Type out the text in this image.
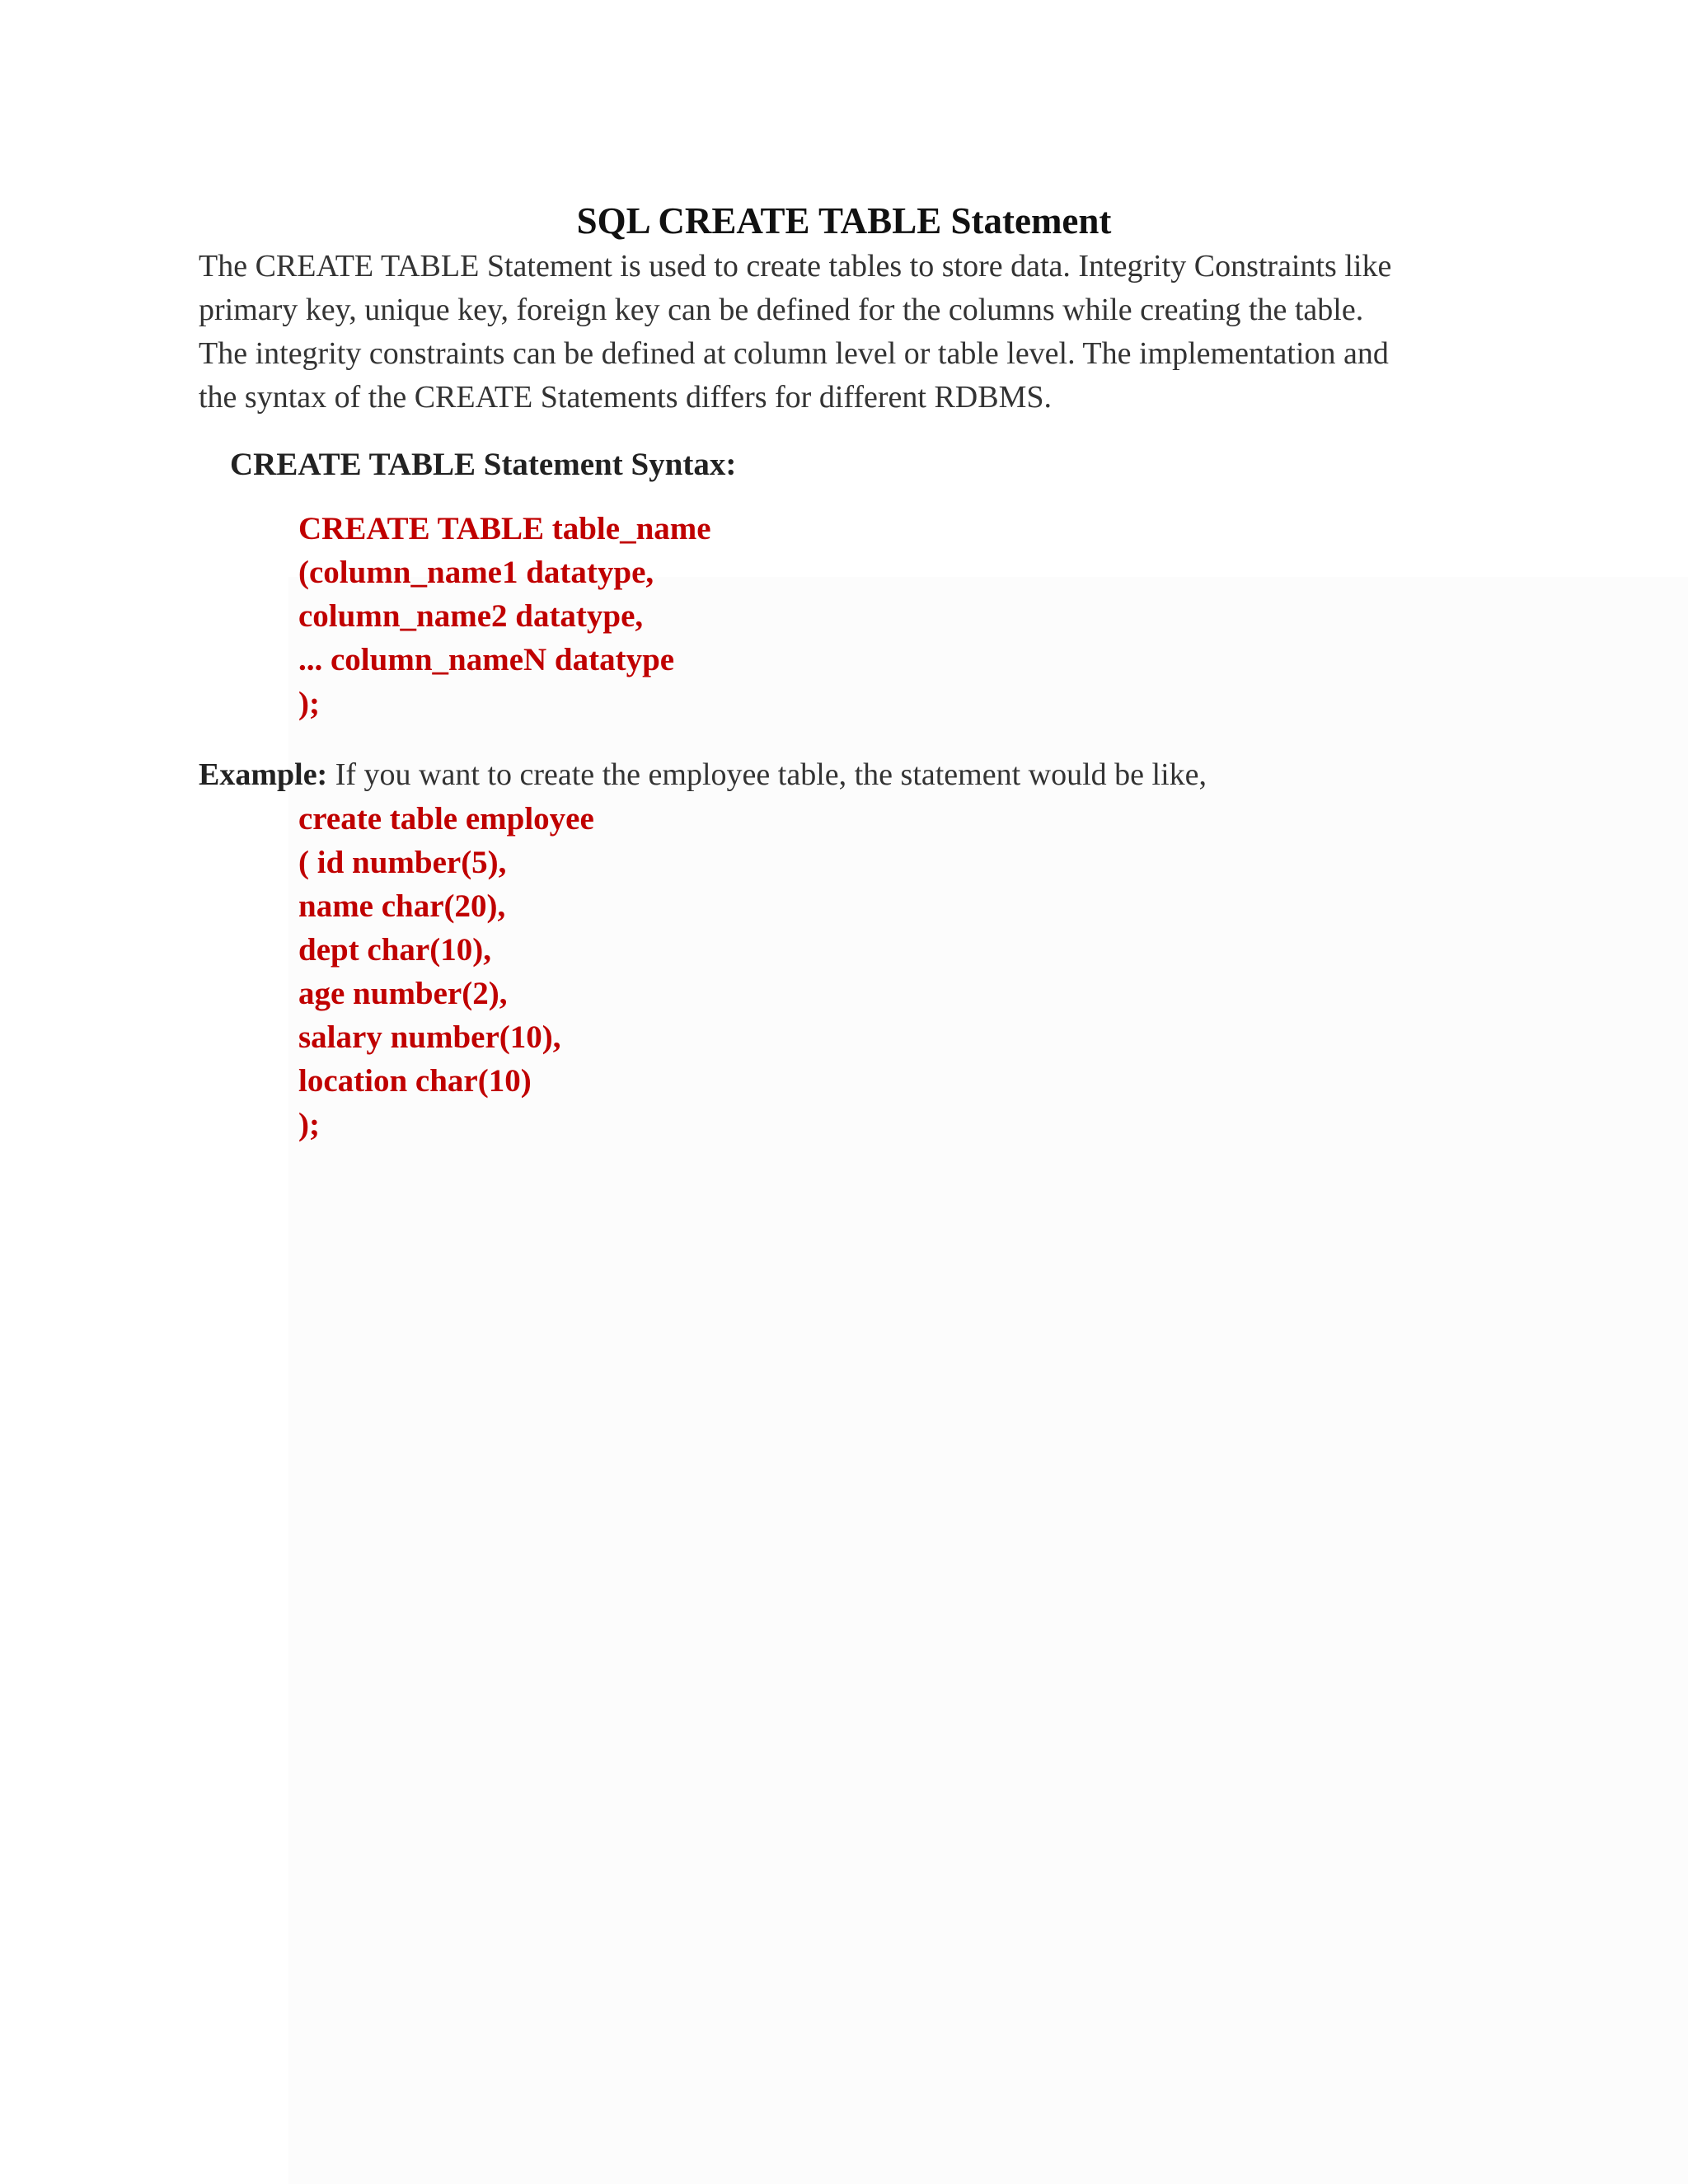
SQL CREATE TABLE Statement
The CREATE TABLE Statement is used to create tables to store data. Integrity Constraints like
primary key, unique key, foreign key can be defined for the columns while creating the table.
The integrity constraints can be defined at column level or table level. The implementation and
the syntax of the CREATE Statements differs for different RDBMS.
CREATE TABLE Statement Syntax:
CREATE TABLE table_name
(column_name1 datatype,
column_name2 datatype,
... column_nameN datatype
);
Example: If you want to create the employee table, the statement would be like,
create table employee
( id number(5),
name char(20),
dept char(10),
age number(2),
salary number(10),
location char(10)
);
